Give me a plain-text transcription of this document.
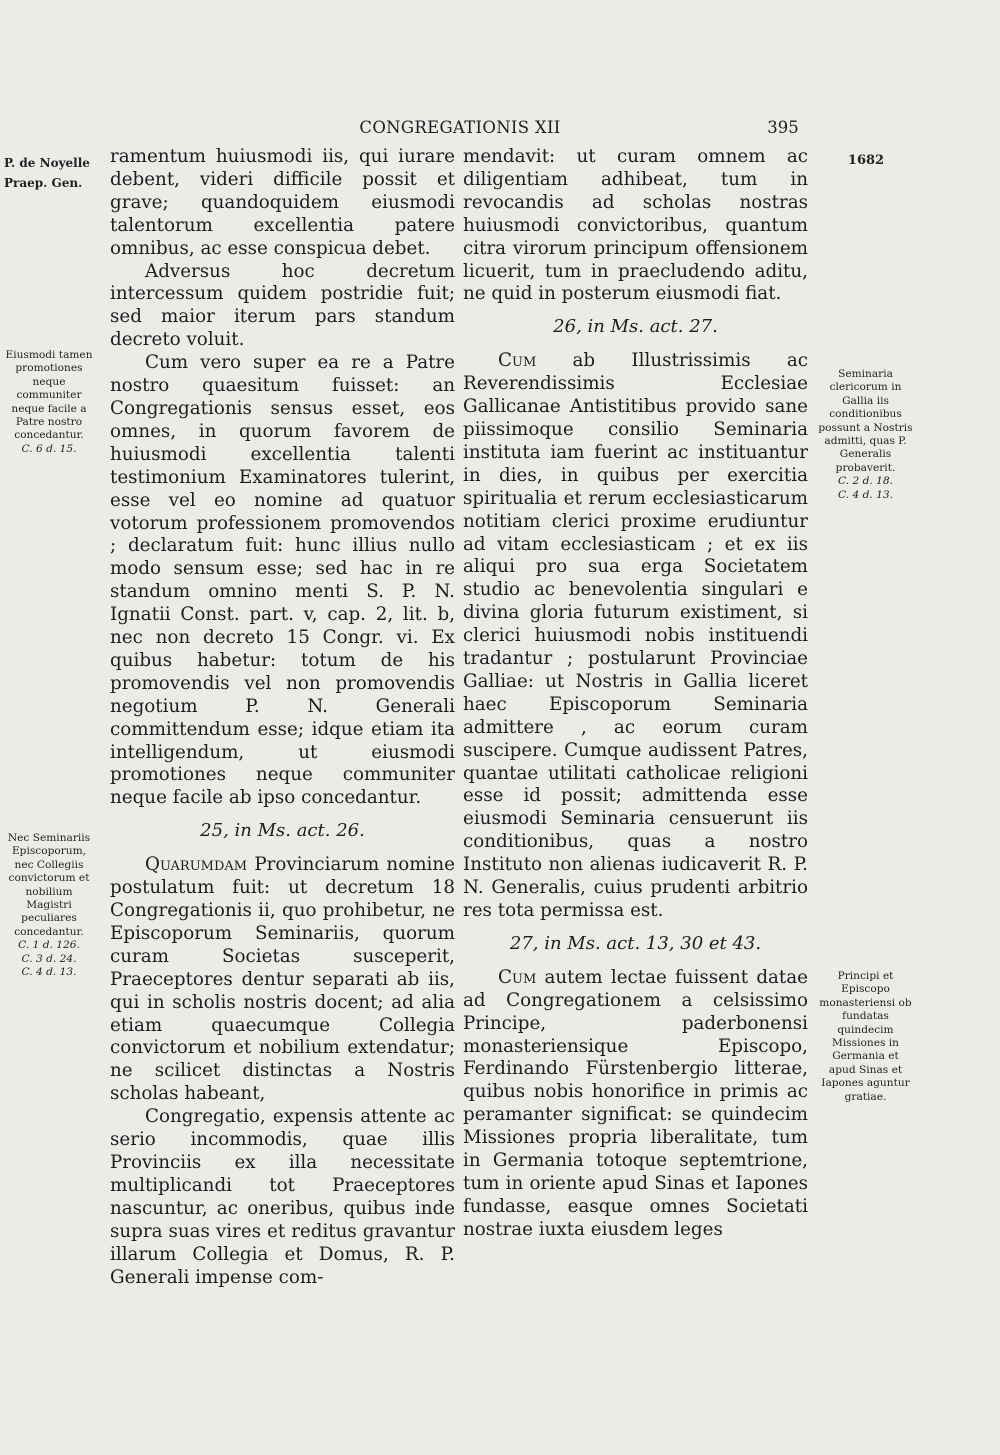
CONGREGATIONIS XII	395
P. de Noyelle Praep. Gen.
Eiusmodi tamen promotiones neque communiter neque facile a Patre nostro concedantur.
C. 6 d. 15.
Nec Seminariis Episcoporum, nec Collegiis convictorum et nobilium Magistri peculiares concedantur.
C. 1 d. 126.
C. 3 d. 24.
C. 4 d. 13.
1682
Seminaria clericorum in Gallia iis conditionibus possunt a Nostris admitti, quas P. Generalis probaverit.
C. 2 d. 18.
C. 4 d. 13.
Principi et Episcopo monasteriensi ob fundatas quindecim Missiones in Germania et apud Sinas et Iapones aguntur gratiae.

ramentum huiusmodi iis, qui iurare debent, videri difficile possit et grave; quandoquidem eiusmodi talentorum excellentia patere omnibus, ac esse conspicua debet.

Adversus hoc decretum intercessum quidem postridie fuit; sed maior iterum pars standum decreto voluit.

Cum vero super ea re a Patre nostro quaesitum fuisset: an Congregationis sensus esset, eos omnes, in quorum favorem de huiusmodi excellentia talenti testimonium Examinatores tulerint, esse vel eo nomine ad quatuor votorum professionem promovendos ; declaratum fuit: hunc illius nullo modo sensum esse; sed hac in re standum omnino menti S. P. N. Ignatii Const. part. v, cap. 2, lit. b, nec non decreto 15 Congr. vi. Ex quibus habetur: totum de his promovendis vel non promovendis negotium P. N. Generali committendum esse; idque etiam ita intelligendum, ut eiusmodi promotiones neque communiter neque facile ab ipso concedantur.

25, in Ms. act. 26.

Quarumdam Provinciarum nomine postulatum fuit: ut decretum 18 Congregationis ii, quo prohibetur, ne Episcoporum Seminariis, quorum curam Societas susceperit, Praeceptores dentur separati ab iis, qui in scholis nostris docent; ad alia etiam quaecumque Collegia convictorum et nobilium extendatur; ne scilicet distinctas a Nostris scholas habeant,

Congregatio, expensis attente ac serio incommodis, quae illis Provinciis ex illa necessitate multiplicandi tot Praeceptores nascuntur, ac oneribus, quibus inde supra suas vires et reditus gravantur illarum Collegia et Domus, R. P. Generali impense com-

mendavit: ut curam omnem ac diligentiam adhibeat, tum in revocandis ad scholas nostras huiusmodi convictoribus, quantum citra virorum principum offensionem licuerit, tum in praecludendo aditu, ne quid in posterum eiusmodi fiat.

26, in Ms. act. 27.

Cum ab Illustrissimis ac Reverendissimis Ecclesiae Gallicanae Antistitibus provido sane piissimoque consilio Seminaria instituta iam fuerint ac instituantur in dies, in quibus per exercitia spiritualia et rerum ecclesiasticarum notitiam clerici proxime erudiuntur ad vitam ecclesiasticam ; et ex iis aliqui pro sua erga Societatem studio ac benevolentia singulari e divina gloria futurum existiment, si clerici huiusmodi nobis instituendi tradantur ; postularunt Provinciae Galliae: ut Nostris in Gallia liceret haec Episcoporum Seminaria admittere , ac eorum curam suscipere. Cumque audissent Patres, quantae utilitati catholicae religioni esse id possit; admittenda esse eiusmodi Seminaria censuerunt iis conditionibus, quas a nostro Instituto non alienas iudicaverit R. P. N. Generalis, cuius prudenti arbitrio res tota permissa est.

27, in Ms. act. 13, 30 et 43.

Cum autem lectae fuissent datae ad Congregationem a celsissimo Principe, paderbonensi monasteriensique Episcopo, Ferdinando Fürstenbergio litterae, quibus nobis honorifice in primis ac peramanter significat: se quindecim Missiones propria liberalitate, tum in Germania totoque septemtrione, tum in oriente apud Sinas et Iapones fundasse, easque omnes Societati nostrae iuxta eiusdem leges
